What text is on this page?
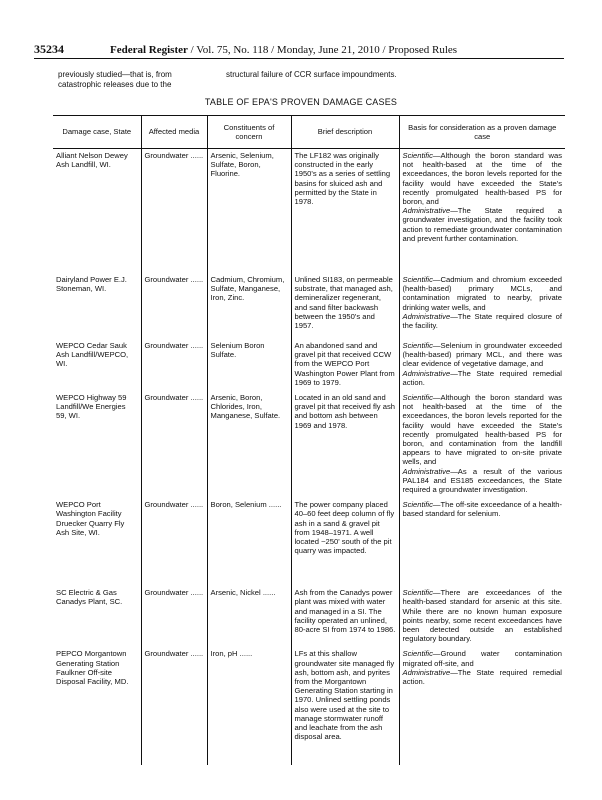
35234	Federal Register / Vol. 75, No. 118 / Monday, June 21, 2010 / Proposed Rules
previously studied—that is, from catastrophic releases due to the
structural failure of CCR surface impoundments.
TABLE OF EPA'S PROVEN DAMAGE CASES
Damage case, State	Affected media	Constituents of concern	Brief description	Basis for consideration as a proven damage case
Alliant Nelson Dewey Ash Landfill, WI.	Groundwater ......	Arsenic, Selenium, Sulfate, Boron, Fluorine.	The LF182 was originally constructed in the early 1950's as a series of settling basins for sluiced ash and permitted by the State in 1978.	Scientific—Although the boron standard was not health-based at the time of the exceedances, the boron levels reported for the facility would have exceeded the State's recently promulgated health-based PS for boron, and
Administrative—The State required a groundwater investigation, and the facility took action to remediate groundwater contamination and prevent further contamination.

Dairyland Power E.J. Stoneman, WI.	Groundwater ......	Cadmium, Chromium, Sulfate, Manganese, Iron, Zinc.	Unlined SI183, on permeable substrate, that managed ash, demineralizer regenerant, and sand filter backwash between the 1950's and 1957.	Scientific—Cadmium and chromium exceeded (health-based) primary MCLs, and contamination migrated to nearby, private drinking water wells, and
Administrative—The State required closure of the facility.

WEPCO Cedar Sauk Ash Landfill/WEPCO, WI.	Groundwater ......	Selenium Boron Sulfate.	An abandoned sand and gravel pit that received CCW from the WEPCO Port Washington Power Plant from 1969 to 1979.	Scientific—Selenium in groundwater exceeded (health-based) primary MCL, and there was clear evidence of vegetative damage, and
Administrative—The State required remedial action.

WEPCO Highway 59 Landfill/We Energies 59, WI.	Groundwater ......	Arsenic, Boron, Chlorides, Iron, Manganese, Sulfate.	Located in an old sand and gravel pit that received fly ash and bottom ash between 1969 and 1978.	Scientific—Although the boron standard was not health-based at the time of the exceedances, the boron levels reported for the facility would have exceeded the State's recently promulgated health-based PS for boron, and contamination from the landfill appears to have migrated to on-site private wells, and
Administrative—As a result of the various PAL184 and ES185 exceedances, the State required a groundwater investigation.

WEPCO Port Washington Facility Druecker Quarry Fly Ash Site, WI.	Groundwater ......	Boron, Selenium ......	The power company placed 40–60 feet deep column of fly ash in a sand & gravel pit from 1948–1971. A well located ~250' south of the pit quarry was impacted.	Scientific—The off-site exceedance of a health-based standard for selenium.

SC Electric & Gas Canadys Plant, SC.	Groundwater ......	Arsenic, Nickel ......	Ash from the Canadys power plant was mixed with water and managed in a SI. The facility operated an unlined, 80-acre SI from 1974 to 1986.	Scientific—There are exceedances of the health-based standard for arsenic at this site. While there are no known human exposure points nearby, some recent exceedances have been detected outside an established regulatory boundary.

PEPCO Morgantown Generating Station Faulkner Off-site Disposal Facility, MD.	Groundwater ......	Iron, pH ......	LFs at this shallow groundwater site managed fly ash, bottom ash, and pyrites from the Morgantown Generating Station starting in 1970. Unlined settling ponds also were used at the site to manage stormwater runoff and leachate from the ash disposal area.	Scientific—Ground water contamination migrated off-site, and
Administrative—The State required remedial action.
